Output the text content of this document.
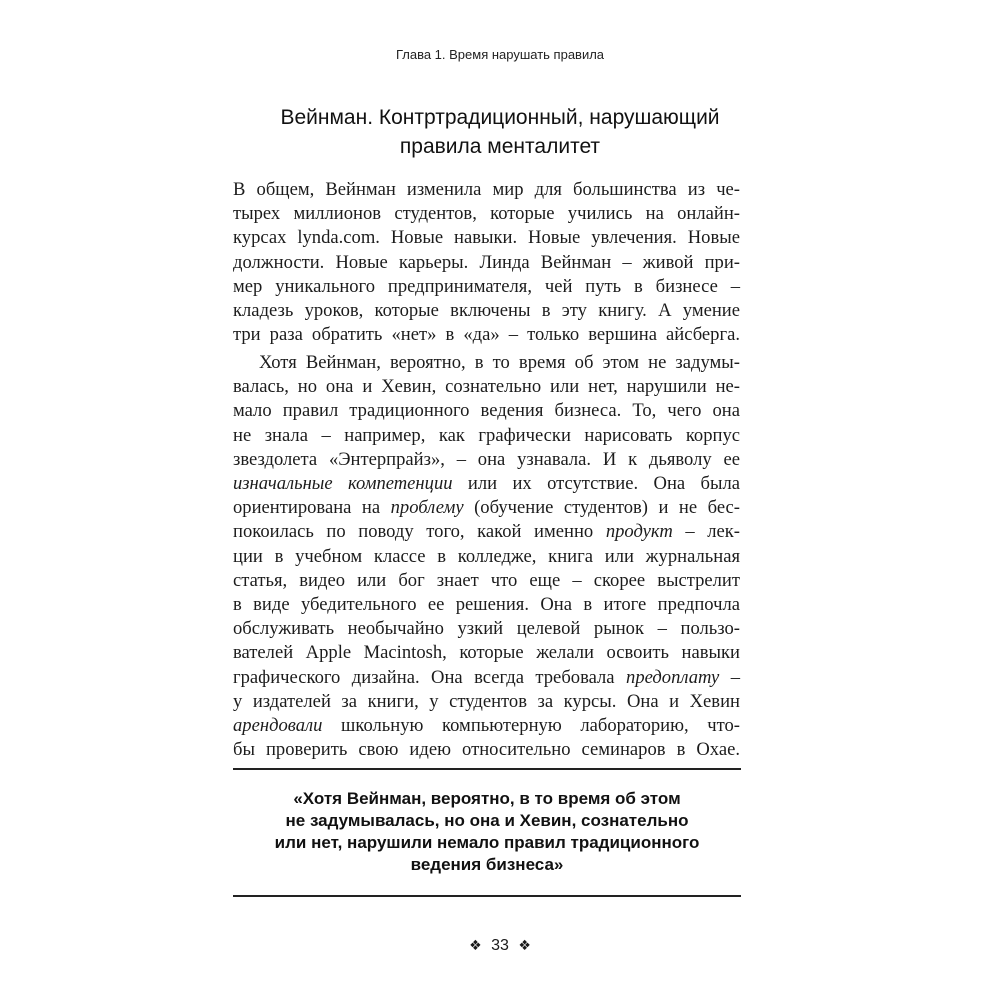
Глава 1. Время нарушать правила
Вейнман. Контртрадиционный, нарушающий
правила менталитет
В общем, Вейнман изменила мир для большинства из че-
тырех миллионов студентов, которые учились на онлайн-
курсах lynda.com. Новые навыки. Новые увлечения. Новые
должности. Новые карьеры. Линда Вейнман – живой при-
мер уникального предпринимателя, чей путь в бизнесе –
кладезь уроков, которые включены в эту книгу. А умение
три раза обратить «нет» в «да» – только вершина айсберга.
Хотя Вейнман, вероятно, в то время об этом не задумы-
валась, но она и Хевин, сознательно или нет, нарушили не-
мало правил традиционного ведения бизнеса. То, чего она
не знала – например, как графически нарисовать корпус
звездолета «Энтерпрайз», – она узнавала. И к дьяволу ее
изначальные компетенции или их отсутствие. Она была
ориентирована на проблему (обучение студентов) и не бес-
покоилась по поводу того, какой именно продукт – лек-
ции в учебном классе в колледже, книга или журнальная
статья, видео или бог знает что еще – скорее выстрелит
в виде убедительного ее решения. Она в итоге предпочла
обслуживать необычайно узкий целевой рынок – пользо-
вателей Apple Macintosh, которые желали освоить навыки
графического дизайна. Она всегда требовала предоплату –
у издателей за книги, у студентов за курсы. Она и Хевин
арендовали школьную компьютерную лабораторию, что-
бы проверить свою идею относительно семинаров в Охае.
«Хотя Вейнман, вероятно, в то время об этом
не задумывалась, но она и Хевин, сознательно
или нет, нарушили немало правил традиционного
ведения бизнеса»
❖ 33 ❖
